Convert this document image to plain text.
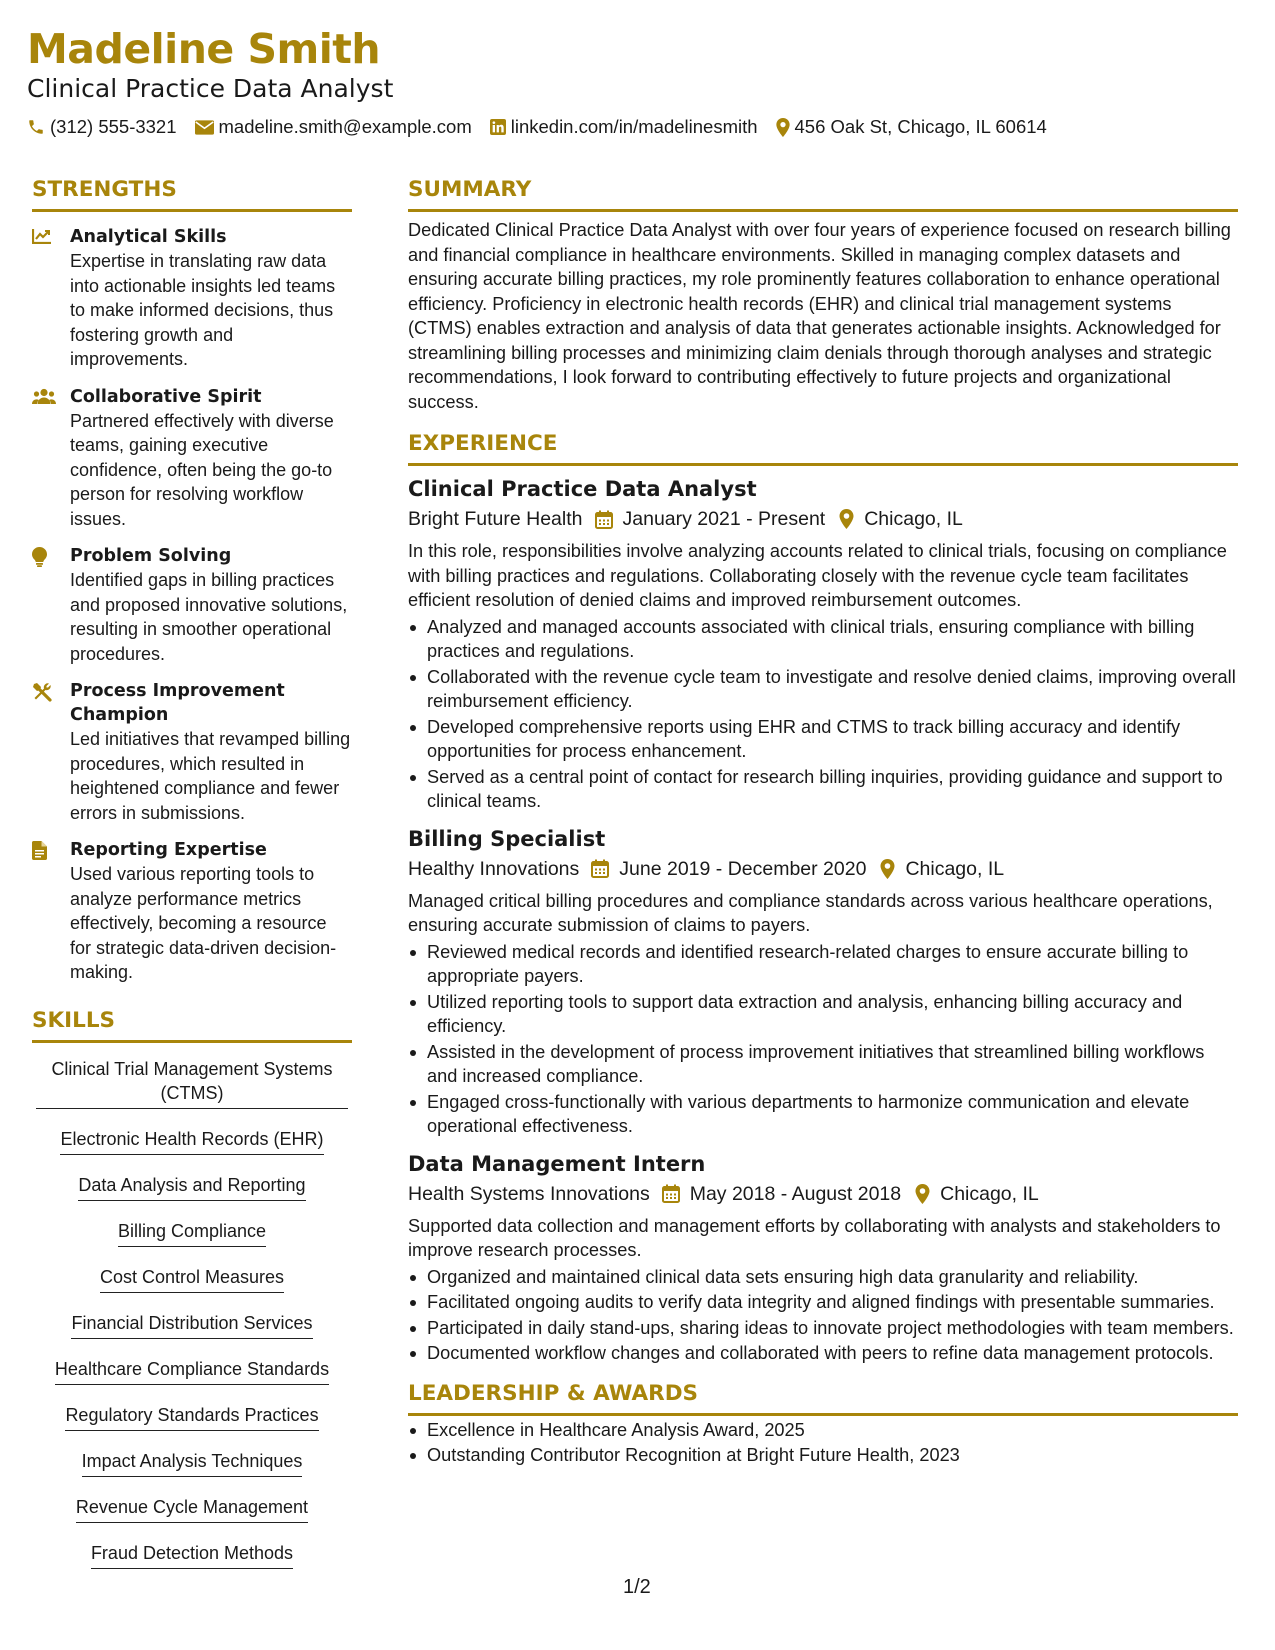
Madeline Smith
Clinical Practice Data Analyst
(312) 555-3321 madeline.smith@example.com linkedin.com/in/madelinesmith 456 Oak St, Chicago, IL 60614
STRENGTHS
Analytical Skills
Expertise in translating raw data into actionable insights led teams to make informed decisions, thus fostering growth and improvements.
Collaborative Spirit
Partnered effectively with diverse teams, gaining executive confidence, often being the go-to person for resolving workflow issues.
Problem Solving
Identified gaps in billing practices and proposed innovative solutions, resulting in smoother operational procedures.
Process Improvement Champion
Led initiatives that revamped billing procedures, which resulted in heightened compliance and fewer errors in submissions.
Reporting Expertise
Used various reporting tools to analyze performance metrics effectively, becoming a resource for strategic data-driven decision-making.
SKILLS
Clinical Trial Management Systems (CTMS)
Electronic Health Records (EHR)
Data Analysis and Reporting
Billing Compliance
Cost Control Measures
Financial Distribution Services
Healthcare Compliance Standards
Regulatory Standards Practices
Impact Analysis Techniques
Revenue Cycle Management
Fraud Detection Methods
SUMMARY
Dedicated Clinical Practice Data Analyst with over four years of experience focused on research billing and financial compliance in healthcare environments. Skilled in managing complex datasets and ensuring accurate billing practices, my role prominently features collaboration to enhance operational efficiency. Proficiency in electronic health records (EHR) and clinical trial management systems (CTMS) enables extraction and analysis of data that generates actionable insights. Acknowledged for streamlining billing processes and minimizing claim denials through thorough analyses and strategic recommendations, I look forward to contributing effectively to future projects and organizational success.
EXPERIENCE
Clinical Practice Data Analyst
Bright Future Health January 2021 - Present Chicago, IL
In this role, responsibilities involve analyzing accounts related to clinical trials, focusing on compliance with billing practices and regulations. Collaborating closely with the revenue cycle team facilitates efficient resolution of denied claims and improved reimbursement outcomes.
Analyzed and managed accounts associated with clinical trials, ensuring compliance with billing practices and regulations.
Collaborated with the revenue cycle team to investigate and resolve denied claims, improving overall reimbursement efficiency.
Developed comprehensive reports using EHR and CTMS to track billing accuracy and identify opportunities for process enhancement.
Served as a central point of contact for research billing inquiries, providing guidance and support to clinical teams.
Billing Specialist
Healthy Innovations June 2019 - December 2020 Chicago, IL
Managed critical billing procedures and compliance standards across various healthcare operations, ensuring accurate submission of claims to payers.
Reviewed medical records and identified research-related charges to ensure accurate billing to appropriate payers.
Utilized reporting tools to support data extraction and analysis, enhancing billing accuracy and efficiency.
Assisted in the development of process improvement initiatives that streamlined billing workflows and increased compliance.
Engaged cross-functionally with various departments to harmonize communication and elevate operational effectiveness.
Data Management Intern
Health Systems Innovations May 2018 - August 2018 Chicago, IL
Supported data collection and management efforts by collaborating with analysts and stakeholders to improve research processes.
Organized and maintained clinical data sets ensuring high data granularity and reliability.
Facilitated ongoing audits to verify data integrity and aligned findings with presentable summaries.
Participated in daily stand-ups, sharing ideas to innovate project methodologies with team members.
Documented workflow changes and collaborated with peers to refine data management protocols.
LEADERSHIP & AWARDS
Excellence in Healthcare Analysis Award, 2025
Outstanding Contributor Recognition at Bright Future Health, 2023
1/2
